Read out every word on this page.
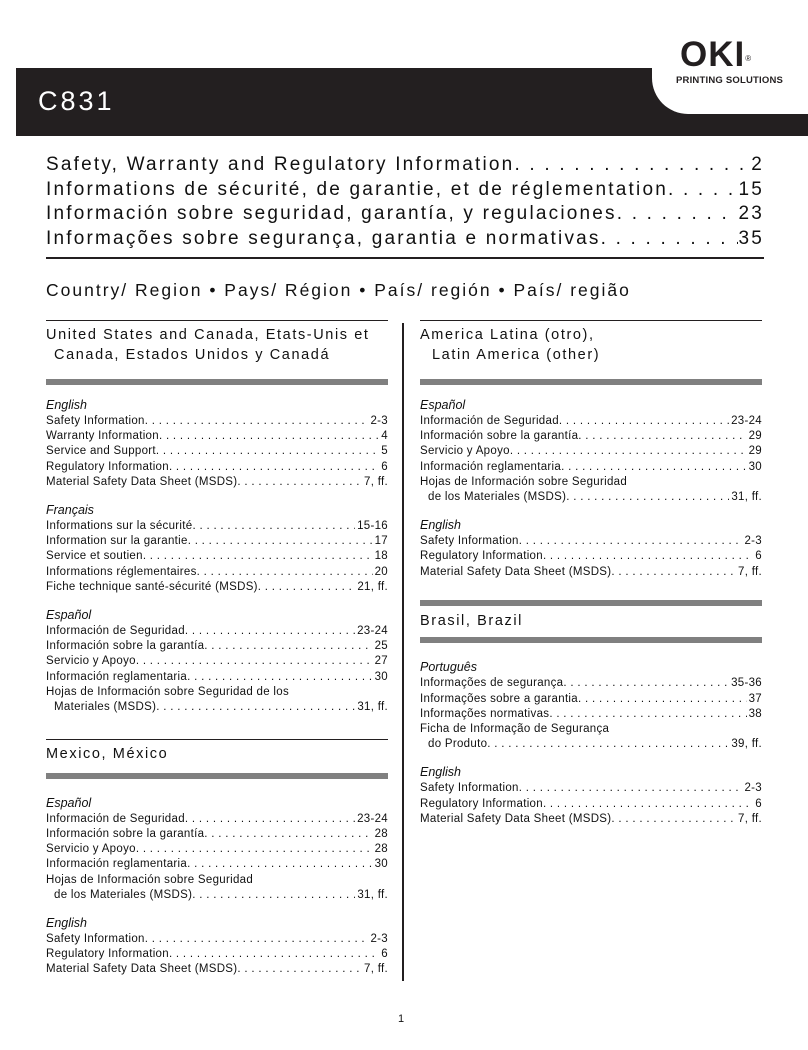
C831
OKI®
PRINTING SOLUTIONS
Safety, Warranty and Regulatory Information . . .	2
Informations de sécurité, de garantie, et de réglementation . . .	15
Información sobre seguridad, garantía, y regulaciones . . .	23
Informações sobre segurança, garantia e normativas . . .	35
Country/ Region • Pays/ Région • País/ región • País/ região
United States and Canada, Etats-Unis et
Canada, Estados Unidos y Canadá
English
Safety Information . . .	2-3
Warranty Information . . .	4
Service and Support . . .	5
Regulatory Information . . .	6
Material Safety Data Sheet (MSDS) . . .	7, ff.
Français
Informations sur la sécurité . . .	15-16
Information sur la garantie . . .	17
Service et soutien . . .	18
Informations réglementaires . . .	20
Fiche technique santé-sécurité (MSDS) . . .	21, ff.
Español
Información de Seguridad . . .	23-24
Información sobre la garantía . . .	25
Servicio y Apoyo . . .	27
Información reglamentaria . . .	30
Hojas de Información sobre Seguridad de los
Materiales (MSDS) . . .	31, ff.
Mexico, México
Español
Información de Seguridad . . .	23-24
Información sobre la garantía . . .	28
Servicio y Apoyo . . .	28
Información reglamentaria . . .	30
Hojas de Información sobre Seguridad
de los Materiales (MSDS) . . .	31, ff.
English
Safety Information . . .	2-3
Regulatory Information . . .	6
Material Safety Data Sheet (MSDS) . . .	7, ff.
America Latina (otro),
Latin America (other)
Español
Información de Seguridad . . .	23-24
Información sobre la garantía . . .	29
Servicio y Apoyo . . .	29
Información reglamentaria . . .	30
Hojas de Información sobre Seguridad
de los Materiales (MSDS) . . .	31, ff.
English
Safety Information . . .	2-3
Regulatory Information . . .	6
Material Safety Data Sheet (MSDS) . . .	7, ff.
Brasil, Brazil
Português
Informações de segurança . . .	35-36
Informações sobre a garantia . . .	37
Informações normativas . . .	38
Ficha de Informação de Segurança
do Produto . . .	39, ff.
English
Safety Information . . .	2-3
Regulatory Information . . .	6
Material Safety Data Sheet (MSDS) . . .	7, ff.
1
